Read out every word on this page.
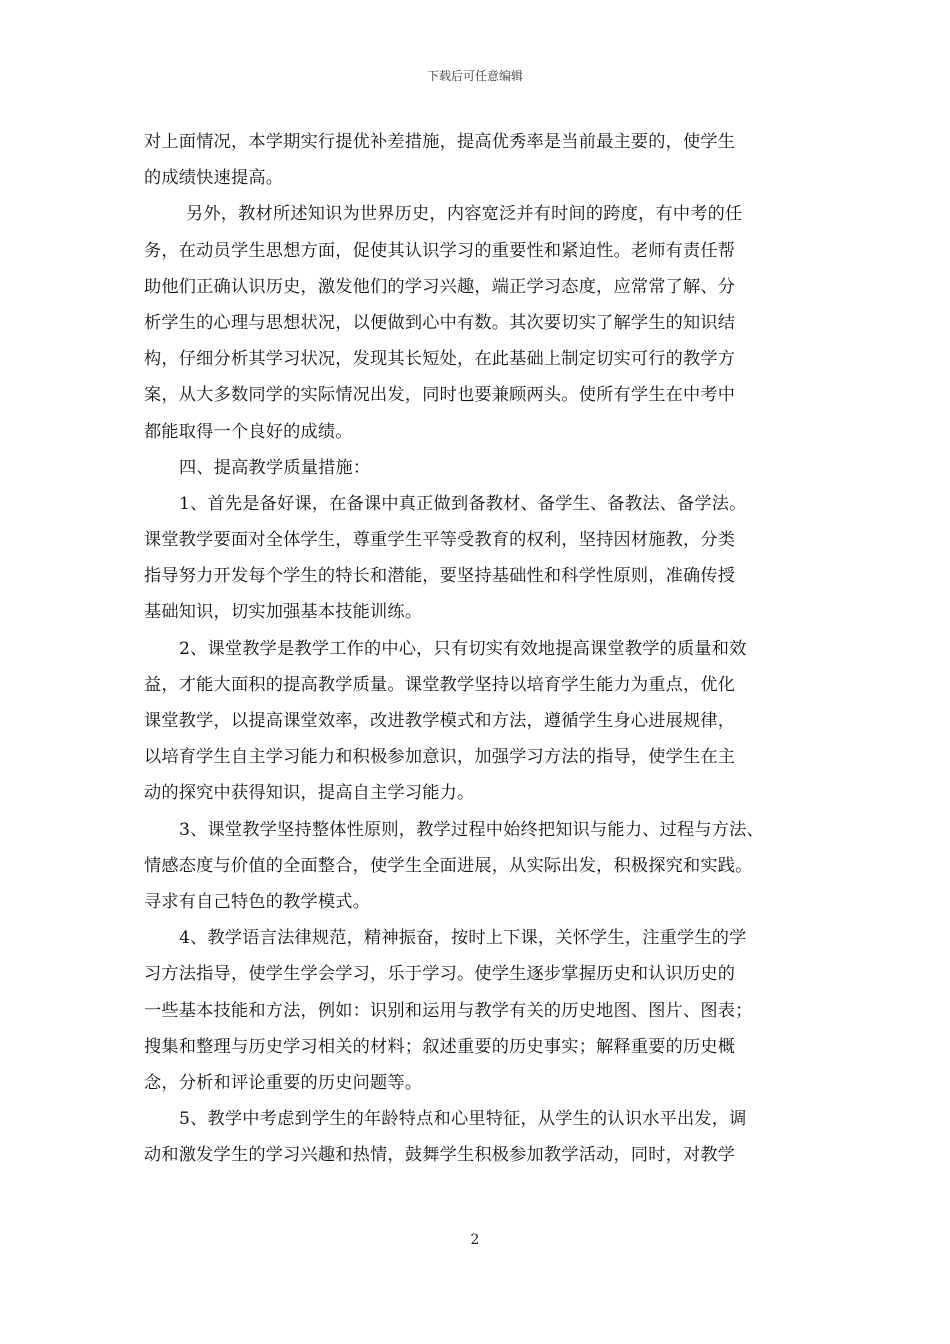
下载后可任意编辑
对上面情况，本学期实行提优补差措施，提高优秀率是当前最主要的，使学生
的成绩快速提高。
另外，教材所述知识为世界历史，内容宽泛并有时间的跨度，有中考的任
务，在动员学生思想方面，促使其认识学习的重要性和紧迫性。老师有责任帮
助他们正确认识历史，激发他们的学习兴趣，端正学习态度，应常常了解、分
析学生的心理与思想状况，以便做到心中有数。其次要切实了解学生的知识结
构，仔细分析其学习状况，发现其长短处，在此基础上制定切实可行的教学方
案，从大多数同学的实际情况出发，同时也要兼顾两头。使所有学生在中考中
都能取得一个良好的成绩。
四、提高教学质量措施：
1、首先是备好课，在备课中真正做到备教材、备学生、备教法、备学法。
课堂教学要面对全体学生，尊重学生平等受教育的权利，坚持因材施教，分类
指导努力开发每个学生的特长和潜能，要坚持基础性和科学性原则，准确传授
基础知识，切实加强基本技能训练。
2、课堂教学是教学工作的中心，只有切实有效地提高课堂教学的质量和效
益，才能大面积的提高教学质量。课堂教学坚持以培育学生能力为重点，优化
课堂教学，以提高课堂效率，改进教学模式和方法，遵循学生身心进展规律，
以培育学生自主学习能力和积极参加意识，加强学习方法的指导，使学生在主
动的探究中获得知识，提高自主学习能力。
3、课堂教学坚持整体性原则，教学过程中始终把知识与能力、过程与方法、
情感态度与价值的全面整合，使学生全面进展，从实际出发，积极探究和实践。
寻求有自己特色的教学模式。
4、教学语言法律规范，精神振奋，按时上下课，关怀学生，注重学生的学
习方法指导，使学生学会学习，乐于学习。使学生逐步掌握历史和认识历史的
一些基本技能和方法，例如：识别和运用与教学有关的历史地图、图片、图表；
搜集和整理与历史学习相关的材料；叙述重要的历史事实；解释重要的历史概
念，分析和评论重要的历史问题等。
5、教学中考虑到学生的年龄特点和心里特征，从学生的认识水平出发，调
动和激发学生的学习兴趣和热情，鼓舞学生积极参加教学活动，同时，对教学
2
